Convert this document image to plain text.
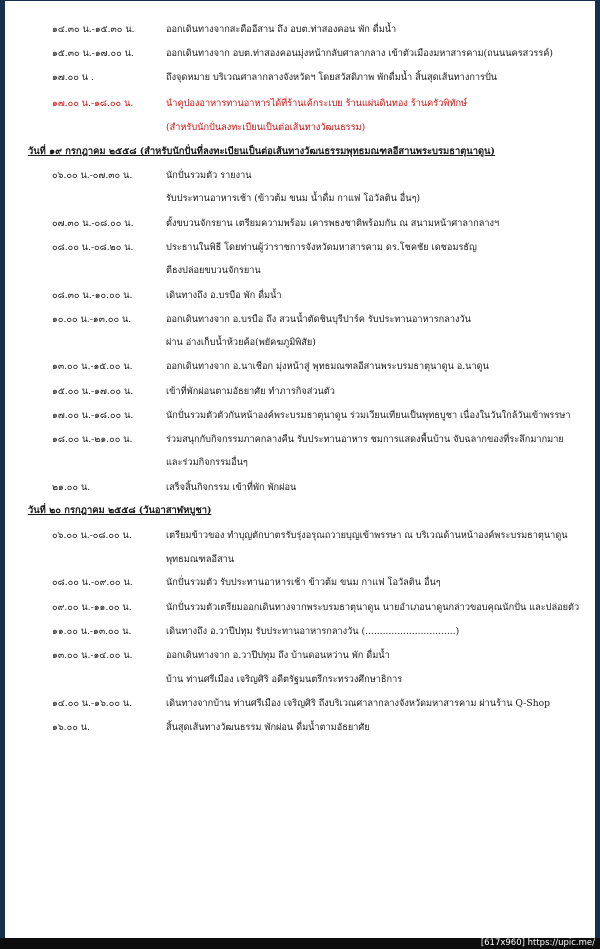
๑๔.๓๐ น.-๑๕.๓๐ น.	ออกเดินทางจากสะดืออีสาน ถึง อบต.ท่าสองคอน พัก ดื่มน้ำ
๑๕.๓๐ น.-๑๗.๐๐ น.	ออกเดินทางจาก อบต.ท่าสองคอนมุ่งหน้ากลับศาลากลาง เข้าตัวเมืองมหาสารคาม(ถนนนครสวรรค์)
๑๗.๐๐ น .	ถึงจุดหมาย บริเวณศาลากลางจังหวัดฯ โดยสวัสดิภาพ พักดื่มน้ำ สิ้นสุดเส้นทางการปั่น
๑๗.๐๐ น.-๑๘.๐๐ น.	นำคูปองอาหารทานอาหารได้ที่ร้านเค้กระเบย ร้านแผ่นดินทอง ร้านครัวพิทักษ์
(สำหรับนักปั่นลงทะเบียนเป็นต่อเส้นทางวัฒนธรรม)
วันที่ ๑๙ กรกฎาคม ๒๕๕๘ (สำหรับนักปั่นที่ลงทะเบียนเป็นต่อเส้นทางวัฒนธรรมพุทธมณฑลอีสานพระบรมธาตุนาดูน)
๐๖.๐๐ น.-๐๗.๓๐ น.	นักปั่นรวมตัว รายงาน
รับประทานอาหารเช้า (ข้าวต้ม ขนม น้ำดื่ม กาแฟ โอวัลติน อื่นๆ)
๐๗.๓๐ น.-๐๘.๐๐ น.	ตั้งขบวนจักรยาน เตรียมความพร้อม เคารพธงชาติพร้อมกัน ณ สนามหน้าศาลากลางฯ
๐๘.๐๐ น.-๐๘.๒๐ น.	ประธานในพิธี โดยท่านผู้ว่าราชการจังหวัดมหาสารคาม ดร.โชคชัย เดชอมรธัญ
ตีธงปล่อยขบวนจักรยาน
๐๘.๓๐ น.-๑๐.๐๐ น.	เดินทางถึง อ.บรบือ พัก ดื่มน้ำ
๑๐.๐๐ น.-๑๓.๐๐ น.	ออกเดินทางจาก อ.บรบือ ถึง สวนน้ำตัดชินบุรีปาร์ค รับประทานอาหารกลางวัน
ผ่าน อ่างเก็บน้ำห้วยค้อ(พยัคฆภูมิพิสัย)
๑๓.๐๐ น.-๑๕.๐๐ น.	ออกเดินทางจาก อ.นาเชือก มุ่งหน้าสู่ พุทธมณฑลอีสานพระบรมธาตุนาดูน อ.นาดูน
๑๕.๐๐ น.-๑๗.๐๐ น.	เข้าที่พักผ่อนตามอัธยาศัย ทำภารกิจส่วนตัว
๑๗.๐๐ น.-๑๘.๐๐ น.	นักปั่นรวมตัวตัวกันหน้าองค์พระบรมธาตุนาดูน ร่วมเวียนเทียนเป็นพุทธบูชา เนื่องในวันใกล้วันเข้าพรรษา
๑๘.๐๐ น.-๒๑.๐๐ น.	ร่วมสนุกกับกิจกรรมภาคกลางคืน รับประทานอาหาร ชมการแสดงพื้นบ้าน จับฉลากของที่ระลึกมากมาย
และร่วมกิจกรรมอื่นๆ
๒๑.๐๐ น.	เสร็จสิ้นกิจกรรม เข้าที่พัก พักผ่อน
วันที่ ๒๐ กรกฎาคม ๒๕๕๘ (วันอาสาฬหบูชา)
๐๖.๐๐ น.-๐๘.๐๐ น.	เตรียมข้าวของ ทำบุญตักบาตรรับรุ่งอรุณถวายบุญเข้าพรรษา ณ บริเวณด้านหน้าองค์พระบรมธาตุนาดูน
พุทธมณฑลอีสาน
๐๘.๐๐ น.-๐๙.๐๐ น.	นักปั่นรวมตัว รับประทานอาหารเช้า ข้าวต้ม ขนม กาแฟ โอวัลติน อื่นๆ
๐๙.๐๐ น.-๑๑.๐๐ น.	นักปั่นรวมตัวเตรียมออกเดินทางจากพระบรมธาตุนาดูน นายอำเภอนาดูนกล่าวขอบคุณนักปั่น และปล่อยตัว
๑๑.๐๐ น.-๑๓.๐๐ น.	เดินทางถึง อ.วาปีปทุม รับประทานอาหารกลางวัน (...............................)
๑๓.๐๐ น.-๑๔.๐๐ น.	ออกเดินทางจาก อ.วาปีปทุม ถึง บ้านดอนหว่าน พัก ดื่มน้ำ
บ้าน ท่านศรีเมือง เจริญศิริ อดีตรัฐมนตรีกระทรวงศึกษาธิการ
๑๔.๐๐ น.-๑๖.๐๐ น.	เดินทางจากบ้าน ท่านศรีเมือง เจริญศิริ ถึงบริเวณศาลากลางจังหวัดมหาสารคาม ผ่านร้าน Q-Shop
๑๖.๐๐ น.	สิ้นสุดเส้นทางวัฒนธรรม พักผ่อน ดื่มน้ำตามอัธยาศัย
[617x960] https://upic.me/
